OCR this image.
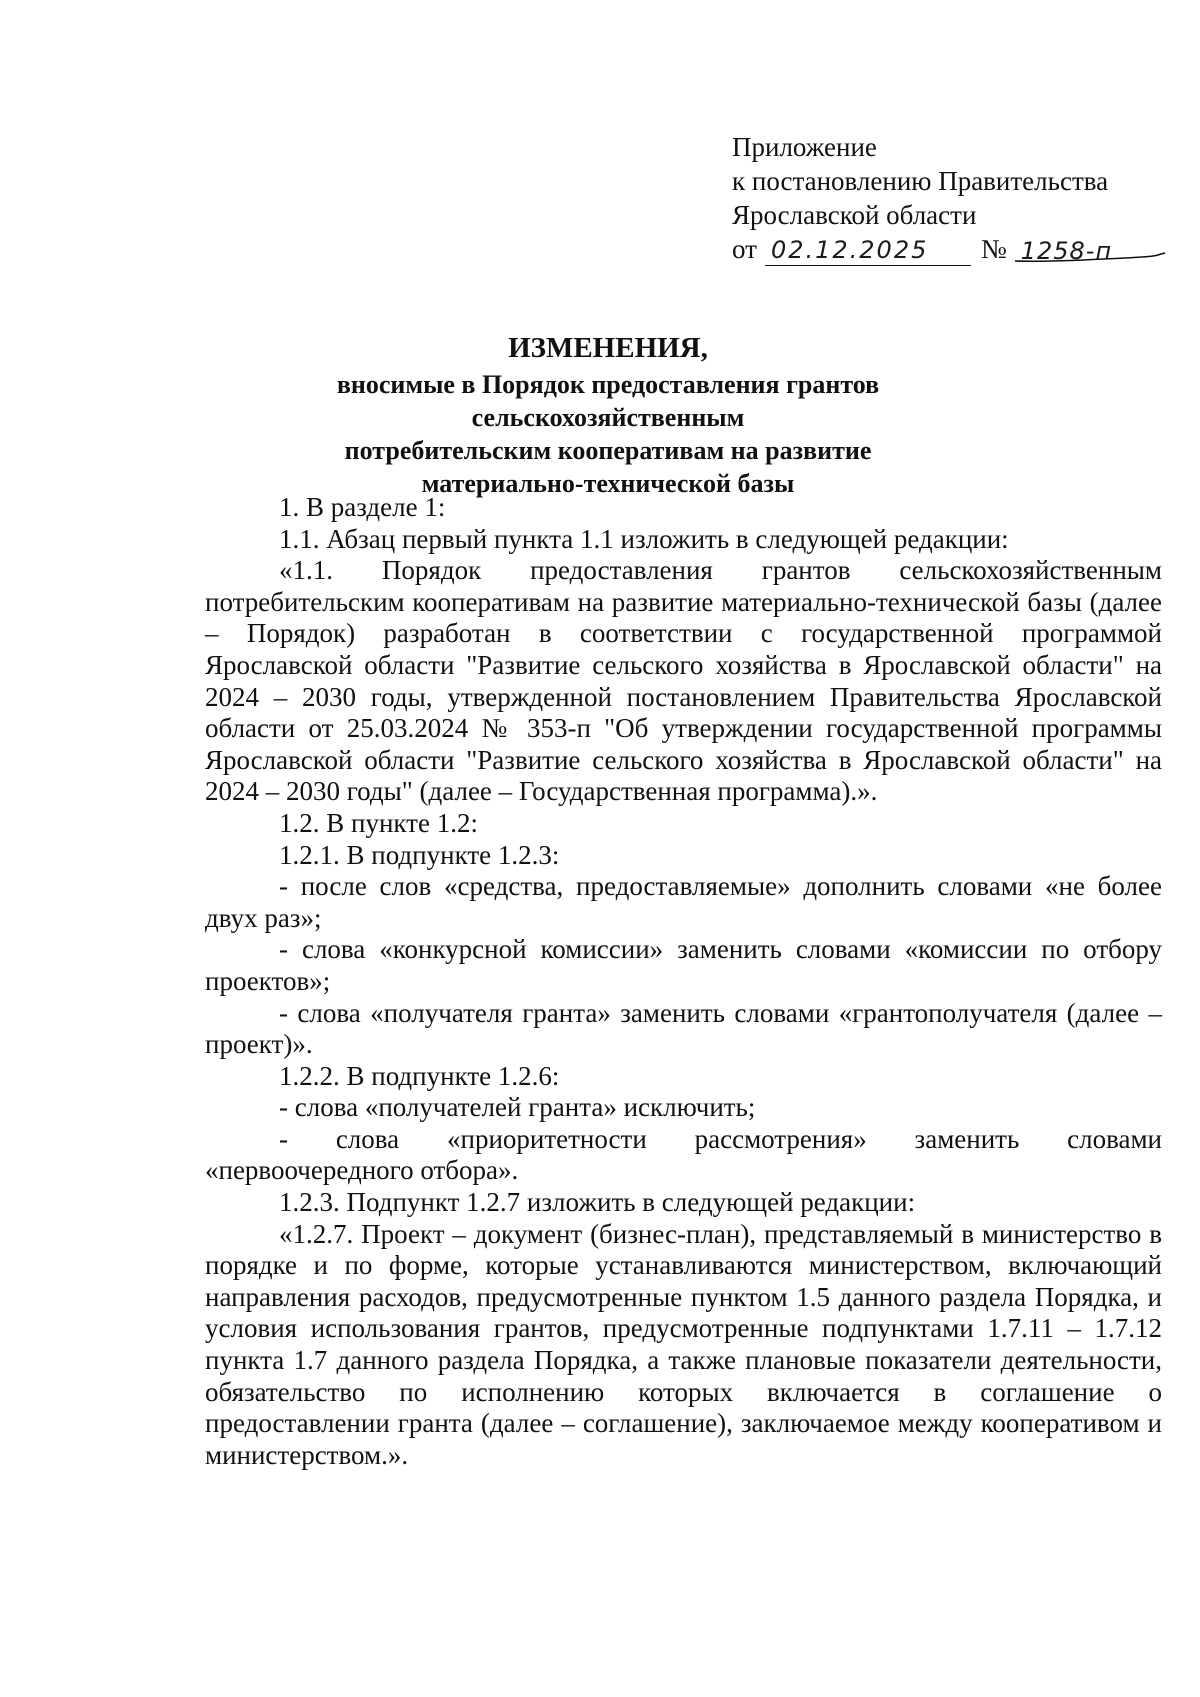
Приложение
к постановлению Правительства
Ярославской области
от 02.12.2025	№ 1258-п
ИЗМЕНЕНИЯ,
вносимые в Порядок предоставления грантов сельскохозяйственным
потребительским кооперативам на развитие
материально-технической базы

1. В разделе 1:

1.1. Абзац первый пункта 1.1 изложить в следующей редакции:

«1.1. Порядок предоставления грантов сельскохозяйственным потребительским кооперативам на развитие материально-технической базы (далее – Порядок) разработан в соответствии с государственной программой Ярославской области "Развитие сельского хозяйства в Ярославской области" на 2024 – 2030 годы, утвержденной постановлением Правительства Ярославской области от 25.03.2024 № 353-п "Об утверждении государственной программы Ярославской области "Развитие сельского хозяйства в Ярославской области" на 2024 – 2030 годы" (далее – Государственная программа).».

1.2. В пункте 1.2:

1.2.1. В подпункте 1.2.3:

- после слов «средства, предоставляемые» дополнить словами «не более двух раз»;

- слова «конкурсной комиссии» заменить словами «комиссии по отбору проектов»;

- слова «получателя гранта» заменить словами «грантополучателя (далее – проект)».

1.2.2. В подпункте 1.2.6:

- слова «получателей гранта» исключить;

- слова «приоритетности рассмотрения» заменить словами «первоочередного отбора».

1.2.3. Подпункт 1.2.7 изложить в следующей редакции:

«1.2.7. Проект – документ (бизнес-план), представляемый в министерство в порядке и по форме, которые устанавливаются министерством, включающий направления расходов, предусмотренные пунктом 1.5 данного раздела Порядка, и условия использования грантов, предусмотренные подпунктами 1.7.11 – 1.7.12 пункта 1.7 данного раздела Порядка, а также плановые показатели деятельности, обязательство по исполнению которых включается в соглашение о предоставлении гранта (далее – соглашение), заключаемое между кооперативом и министерством.».
